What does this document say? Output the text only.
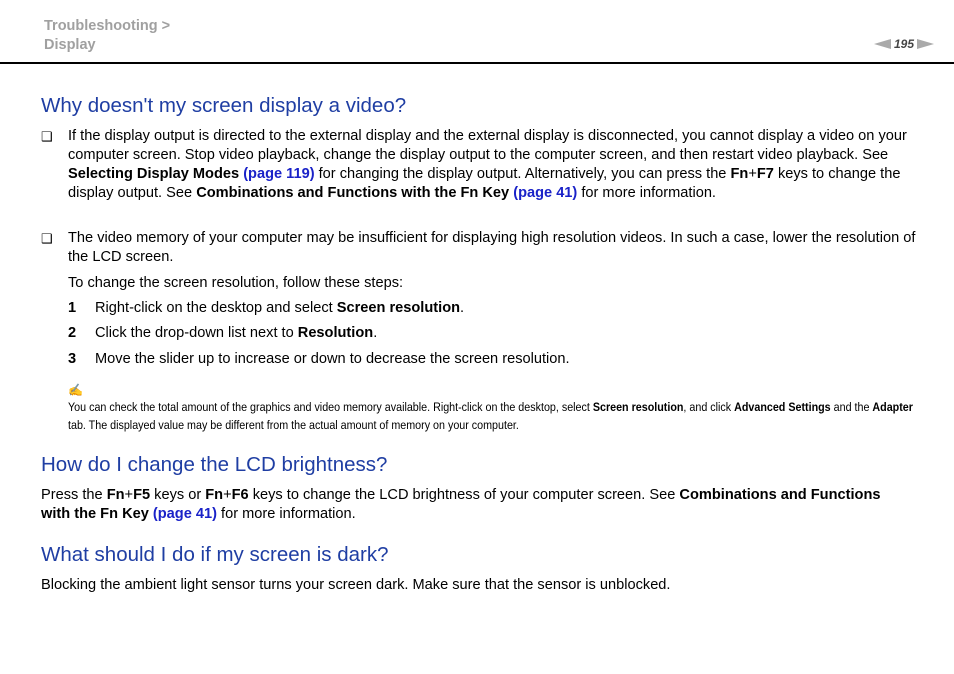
Troubleshooting >
Display	195
Why doesn't my screen display a video?
❑ If the display output is directed to the external display and the external display is disconnected, you cannot display a video on your computer screen. Stop video playback, change the display output to the computer screen, and then restart video playback. See Selecting Display Modes (page 119) for changing the display output. Alternatively, you can press the Fn+F7 keys to change the display output. See Combinations and Functions with the Fn Key (page 41) for more information.

❑ The video memory of your computer may be insufficient for displaying high resolution videos. In such a case, lower the resolution of the LCD screen.

To change the screen resolution, follow these steps:

1 Right-click on the desktop and select Screen resolution.
2 Click the drop-down list next to Resolution.
3 Move the slider up to increase or down to decrease the screen resolution.
✍
You can check the total amount of the graphics and video memory available. Right-click on the desktop, select Screen resolution, and click Advanced Settings and the Adapter tab. The displayed value may be different from the actual amount of memory on your computer.
How do I change the LCD brightness?

Press the Fn+F5 keys or Fn+F6 keys to change the LCD brightness of your computer screen. See Combinations and Functions with the Fn Key (page 41) for more information.

What should I do if my screen is dark?

Blocking the ambient light sensor turns your screen dark. Make sure that the sensor is unblocked.
